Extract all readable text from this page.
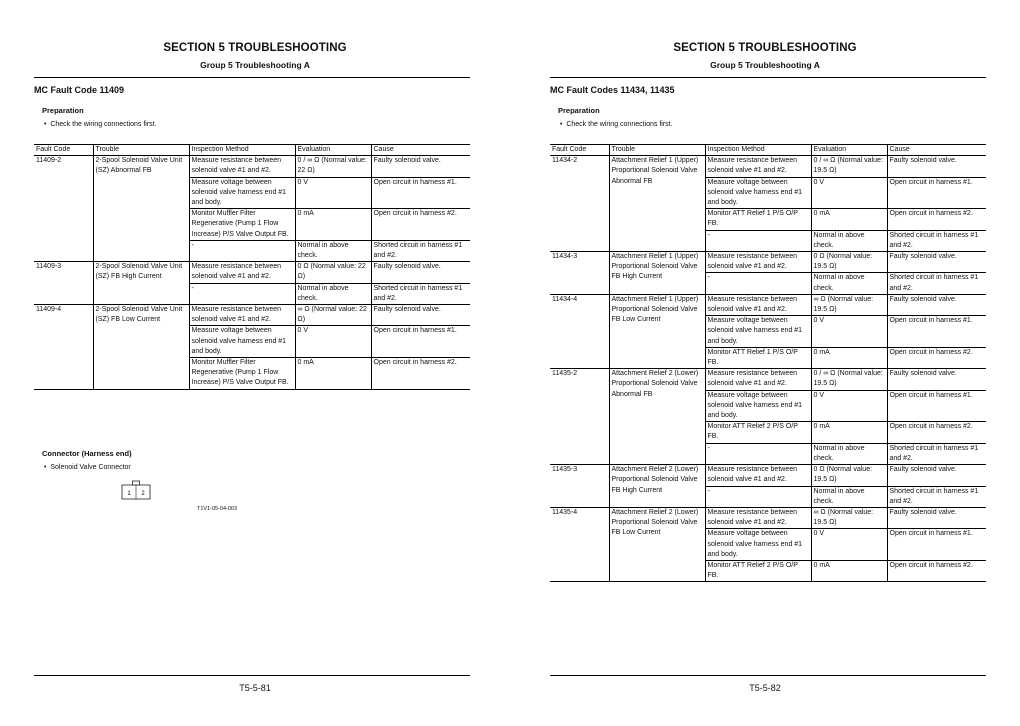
SECTION 5 TROUBLESHOOTING
Group 5 Troubleshooting A
MC Fault Code 11409
Preparation
•  Check the wiring connections first.
Fault Code	Trouble	Inspection Method	Evaluation	Cause
11409-2	2-Spool Solenoid Valve Unit (SZ) Abnormal FB	Measure resistance between solenoid valve #1 and #2.	0 / ∞ Ω (Normal value: 22 Ω)	Faulty solenoid valve.
		Measure voltage between solenoid valve harness end #1 and body.	0 V	Open circuit in harness #1.
		Monitor Muffler Filter Regenerative (Pump 1 Flow Increase) P/S Valve Output FB.	0 mA	Open circuit in harness #2.
		-	Normal in above check.	Shorted circuit in harness #1 and #2.
11409-3	2-Spool Solenoid Valve Unit (SZ) FB High Current	Measure resistance between solenoid valve #1 and #2.	0 Ω (Normal value: 22 Ω)	Faulty solenoid valve.
		-	Normal in above check.	Shorted circuit in harness #1 and #2.
11409-4	2-Spool Solenoid Valve Unit (SZ) FB Low Current	Measure resistance between solenoid valve #1 and #2.	∞ Ω (Normal value: 22 Ω)	Faulty solenoid valve.
		Measure voltage between solenoid valve harness end #1 and body.	0 V	Open circuit in harness #1.
		Monitor Muffler Filter Regenerative (Pump 1 Flow Increase) P/S Valve Output FB.	0 mA	Open circuit in harness #2.
Connector (Harness end)
•  Solenoid Valve Connector
1 2
T1V1-05-04-003
T5-5-81
SECTION 5 TROUBLESHOOTING
Group 5 Troubleshooting A
MC Fault Codes 11434, 11435
Preparation
•  Check the wiring connections first.
Fault Code	Trouble	Inspection Method	Evaluation	Cause
11434-2	Attachment Relief 1 (Upper) Proportional Solenoid Valve Abnormal FB	Measure resistance between solenoid valve #1 and #2.	0 / ∞ Ω (Normal value: 19.5 Ω)	Faulty solenoid valve.
		Measure voltage between solenoid valve harness end #1 and body.	0 V	Open circuit in harness #1.
		Monitor ATT Relief 1 P/S O/P FB.	0 mA	Open circuit in harness #2.
		-	Normal in above check.	Shorted circuit in harness #1 and #2.
11434-3	Attachment Relief 1 (Upper) Proportional Solenoid Valve FB High Current	Measure resistance between solenoid valve #1 and #2.	0 Ω (Normal value: 19.5 Ω)	Faulty solenoid valve.
		-	Normal in above check.	Shorted circuit in harness #1 and #2.
11434-4	Attachment Relief 1 (Upper) Proportional Solenoid Valve FB Low Current	Measure resistance between solenoid valve #1 and #2.	∞ Ω (Normal value: 19.5 Ω)	Faulty solenoid valve.
		Measure voltage between solenoid valve harness end #1 and body.	0 V	Open circuit in harness #1.
		Monitor ATT Relief 1 P/S O/P FB.	0 mA	Open circuit in harness #2.
11435-2	Attachment Relief 2 (Lower) Proportional Solenoid Valve Abnormal FB	Measure resistance between solenoid valve #1 and #2.	0 / ∞ Ω (Normal value: 19.5 Ω)	Faulty solenoid valve.
		Measure voltage between solenoid valve harness end #1 and body.	0 V	Open circuit in harness #1.
		Monitor ATT Relief 2 P/S O/P FB.	0 mA	Open circuit in harness #2.
		-	Normal in above check.	Shorted circuit in harness #1 and #2.
11435-3	Attachment Relief 2 (Lower) Proportional Solenoid Valve FB High Current	Measure resistance between solenoid valve #1 and #2.	0 Ω (Normal value: 19.5 Ω)	Faulty solenoid valve.
		-	Normal in above check.	Shorted circuit in harness #1 and #2.
11435-4	Attachment Relief 2 (Lower) Proportional Solenoid Valve FB Low Current	Measure resistance between solenoid valve #1 and #2.	∞ Ω (Normal value: 19.5 Ω)	Faulty solenoid valve.
		Measure voltage between solenoid valve harness end #1 and body.	0 V	Open circuit in harness #1.
		Monitor ATT Relief 2 P/S O/P FB.	0 mA	Open circuit in harness #2.
T5-5-82
